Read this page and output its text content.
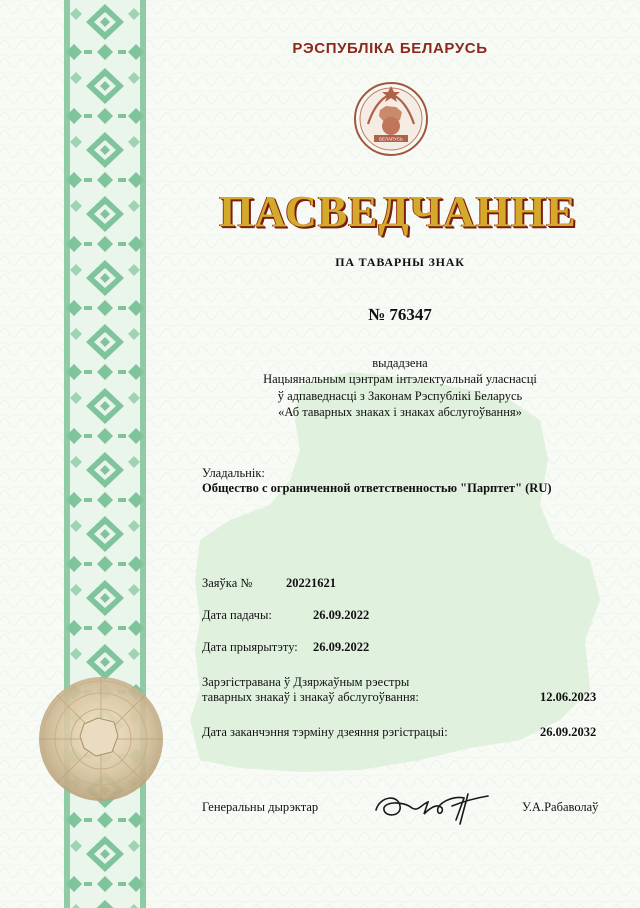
БЕЛАРУСЬ
РЭСПУБЛІКА БЕЛАРУСЬ
ПАСВЕДЧАННЕ
ПА ТАВАРНЫ ЗНАК
№ 76347
выдадзена
Нацыянальным цэнтрам інтэлектуальнай уласнасці
ў адпаведнасці з Законам Рэспублікі Беларусь
«Аб таварных знаках і знаках абслугоўвання»
Уладальнік:
Общество с ограниченной ответственностью "Парптет" (RU)
Заяўка №	20221621
Дата падачы:	26.09.2022
Дата прыярытэту: 26.09.2022
Зарэгістравана ў Дзяржаўным рэестры
таварных знакаў і знакаў абслугоўвання:	12.06.2023
Дата заканчэння тэрміну дзеяння рэгістрацыі:	26.09.2032
Генеральны дырэктар	У.А.Рабаволаў
